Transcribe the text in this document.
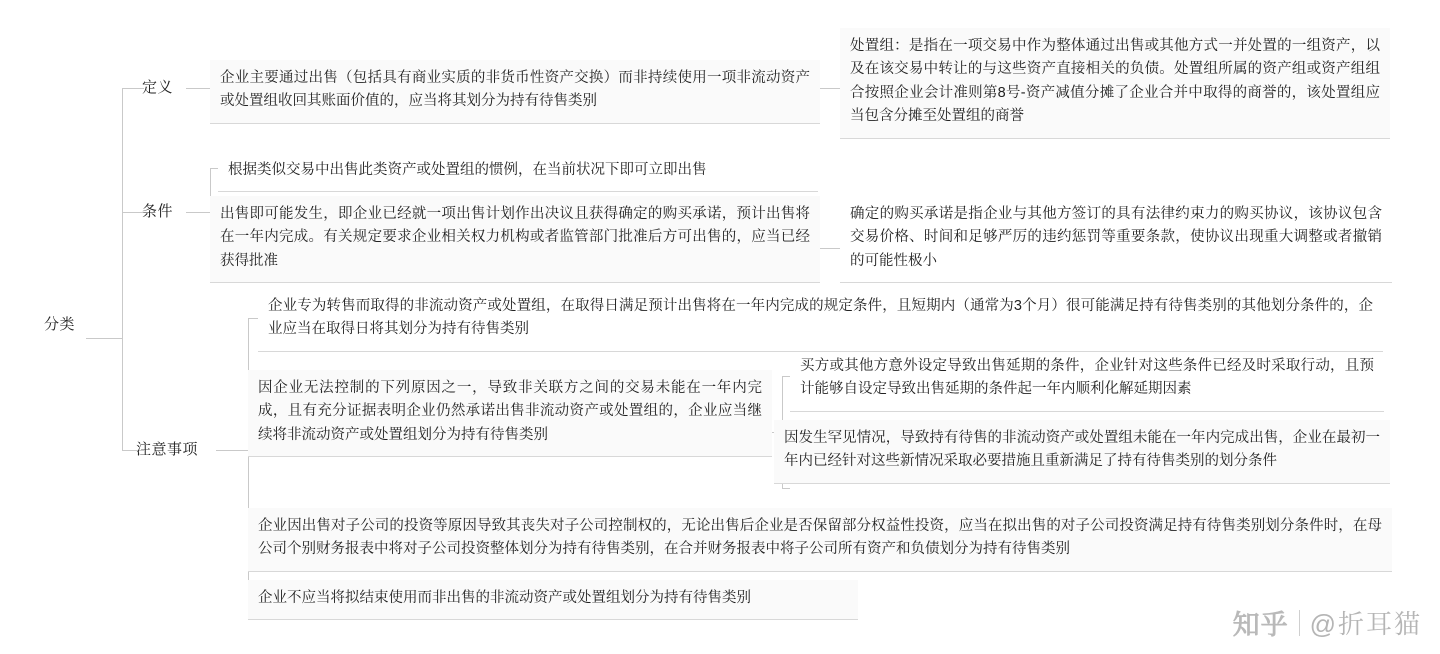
分类
定义
企业主要通过出售（包括具有商业实质的非货币性资产交换）而非持续使用一项非流动资产或处置组收回其账面价值的，应当将其划分为持有待售类别
处置组：是指在一项交易中作为整体通过出售或其他方式一并处置的一组资产，以及在该交易中转让的与这些资产直接相关的负债。处置组所属的资产组或资产组组合按照企业会计准则第8号-资产减值分摊了企业合并中取得的商誉的，该处置组应当包含分摊至处置组的商誉
条件
根据类似交易中出售此类资产或处置组的惯例，在当前状况下即可立即出售
出售即可能发生，即企业已经就一项出售计划作出决议且获得确定的购买承诺，预计出售将在一年内完成。有关规定要求企业相关权力机构或者监管部门批准后方可出售的，应当已经获得批准
确定的购买承诺是指企业与其他方签订的具有法律约束力的购买协议，该协议包含交易价格、时间和足够严厉的违约惩罚等重要条款，使协议出现重大调整或者撤销的可能性极小
注意事项
企业专为转售而取得的非流动资产或处置组，在取得日满足预计出售将在一年内完成的规定条件，且短期内（通常为3个月）很可能满足持有待售类别的其他划分条件的，企业应当在取得日将其划分为持有待售类别
因企业无法控制的下列原因之一，导致非关联方之间的交易未能在一年内完成，且有充分证据表明企业仍然承诺出售非流动资产或处置组的，企业应当继续将非流动资产或处置组划分为持有待售类别
买方或其他方意外设定导致出售延期的条件，企业针对这些条件已经及时采取行动，且预计能够自设定导致出售延期的条件起一年内顺利化解延期因素
因发生罕见情况，导致持有待售的非流动资产或处置组未能在一年内完成出售，企业在最初一年内已经针对这些新情况采取必要措施且重新满足了持有待售类别的划分条件
企业因出售对子公司的投资等原因导致其丧失对子公司控制权的，无论出售后企业是否保留部分权益性投资，应当在拟出售的对子公司投资满足持有待售类别划分条件时，在母公司个别财务报表中将对子公司投资整体划分为持有待售类别，在合并财务报表中将子公司所有资产和负债划分为持有待售类别
企业不应当将拟结束使用而非出售的非流动资产或处置组划分为持有待售类别
知乎 @折耳猫
